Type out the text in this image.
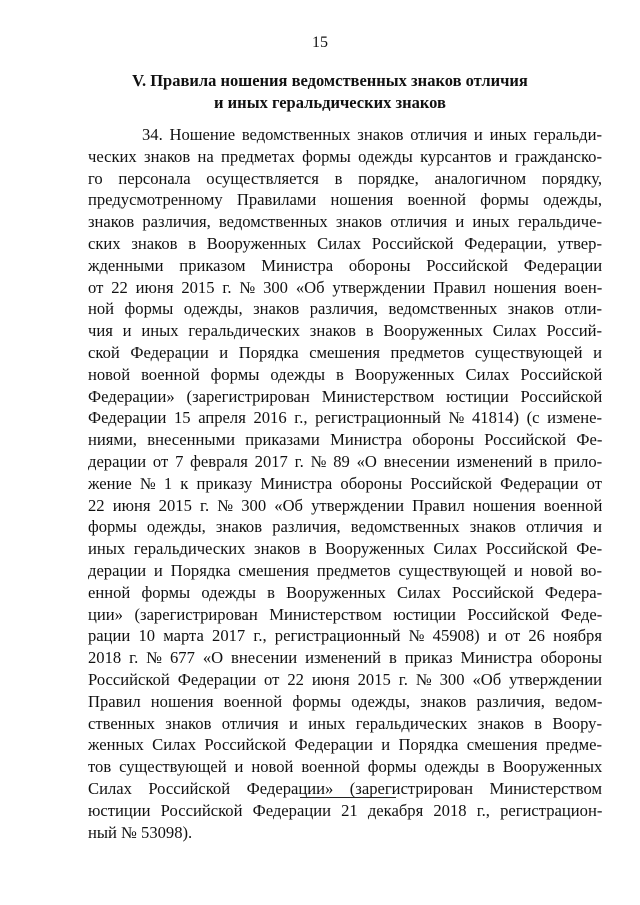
15
V. Правила ношения ведомственных знаков отличия
и иных геральдических знаков

34. Ношение ведомственных знаков отличия и иных геральди-
ческих знаков на предметах формы одежды курсантов и гражданско-
го персонала осуществляется в порядке, аналогичном порядку,
предусмотренному Правилами ношения военной формы одежды,
знаков различия, ведомственных знаков отличия и иных геральдиче-
ских знаков в Вооруженных Силах Российской Федерации, утвер-
жденными приказом Министра обороны Российской Федерации
от 22 июня 2015 г. № 300 «Об утверждении Правил ношения воен-
ной формы одежды, знаков различия, ведомственных знаков отли-
чия и иных геральдических знаков в Вооруженных Силах Россий-
ской Федерации и Порядка смешения предметов существующей и
новой военной формы одежды в Вооруженных Силах Российской
Федерации» (зарегистрирован Министерством юстиции Российской
Федерации 15 апреля 2016 г., регистрационный № 41814) (с измене-
ниями, внесенными приказами Министра обороны Российской Фе-
дерации от 7 февраля 2017 г. № 89 «О внесении изменений в прило-
жение № 1 к приказу Министра обороны Российской Федерации от
22 июня 2015 г. № 300 «Об утверждении Правил ношения военной
формы одежды, знаков различия, ведомственных знаков отличия и
иных геральдических знаков в Вооруженных Силах Российской Фе-
дерации и Порядка смешения предметов существующей и новой во-
енной формы одежды в Вооруженных Силах Российской Федера-
ции» (зарегистрирован Министерством юстиции Российской Феде-
рации 10 марта 2017 г., регистрационный № 45908) и от 26 ноября
2018 г. № 677 «О внесении изменений в приказ Министра обороны
Российской Федерации от 22 июня 2015 г. № 300 «Об утверждении
Правил ношения военной формы одежды, знаков различия, ведом-
ственных знаков отличия и иных геральдических знаков в Воору-
женных Силах Российской Федерации и Порядка смешения предме-
тов существующей и новой военной формы одежды в Вооруженных
Силах Российской Федерации» (зарегистрирован Министерством
юстиции Российской Федерации 21 декабря 2018 г., регистрацион-
ный № 53098).
